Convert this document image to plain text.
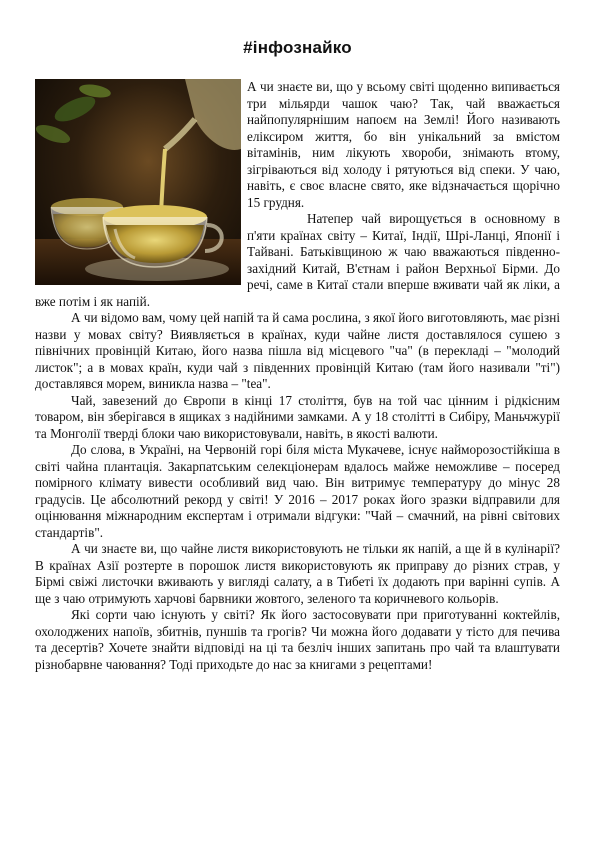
#інфознайко

А чи знаєте ви, що у всьому світі щоденно випивається три мільярди чашок чаю? Так, чай вважається найпопулярнішим напоєм на Землі! Його називають еліксиром життя, бо він унікальний за вмістом вітамінів, ним лікують хвороби, знімають втому, зігріваються від холоду і рятуються від спеки. У чаю, навіть, є своє власне свято, яке відзначається щорічно 15 грудня.

Натепер чай вирощується в основному в п'яти країнах світу – Китаї, Індії, Шрі-Ланці, Японії і Тайвані. Батьківщиною ж чаю вважаються південно-західний Китай, В'єтнам і район Верхньої Бірми. До речі, саме в Китаї стали вперше вживати чай як ліки, а вже потім і як напій.

А чи відомо вам, чому цей напій та й сама рослина, з якої його виготовляють, має різні назви у мовах світу? Виявляється в країнах, куди чайне листя доставлялося сушею з північних провінцій Китаю, його назва пішла від місцевого "ча" (в перекладі – "молодий листок"; а в мовах країн, куди чай з південних провінцій Китаю (там його називали "ті") доставлявся морем, виникла назва – "tea".

Чай, завезений до Європи в кінці 17 століття, був на той час цінним і рідкісним товаром, він зберігався в ящиках з надійними замками. А у 18 столітті в Сибіру, Маньчжурії та Монголії тверді блоки чаю використовували, навіть, в якості валюти.

До слова, в Україні, на Червоній горі біля міста Мукачеве, існує найморозостійкіша в світі чайна плантація. Закарпатським селекціонерам вдалось майже неможливе – посеред помірного клімату вивести особливий вид чаю. Він витримує температуру до мінус 28 градусів. Це абсолютний рекорд у світі! У 2016 – 2017 роках його зразки відправили для оцінювання міжнародним експертам і отримали відгуки: "Чай – смачний, на рівні світових стандартів".

А чи знаєте ви, що чайне листя використовують не тільки як напій, а ще й в кулінарії? В країнах Азії розтерте в порошок листя використовують як приправу до різних страв, у Бірмі свіжі листочки вживають у вигляді салату, а в Тибеті їх додають при варінні супів. А ще з чаю отримують харчові барвники жовтого, зеленого та коричневого кольорів.

Які сорти чаю існують у світі? Як його застосовувати при приготуванні коктейлів, охолоджених напоїв, збитнів, пуншів та грогів? Чи можна його додавати у тісто для печива та десертів? Хочете знайти відповіді на ці та безліч інших запитань про чай та влаштувати різнобарвне чаювання? Тоді приходьте до нас за книгами з рецептами!
